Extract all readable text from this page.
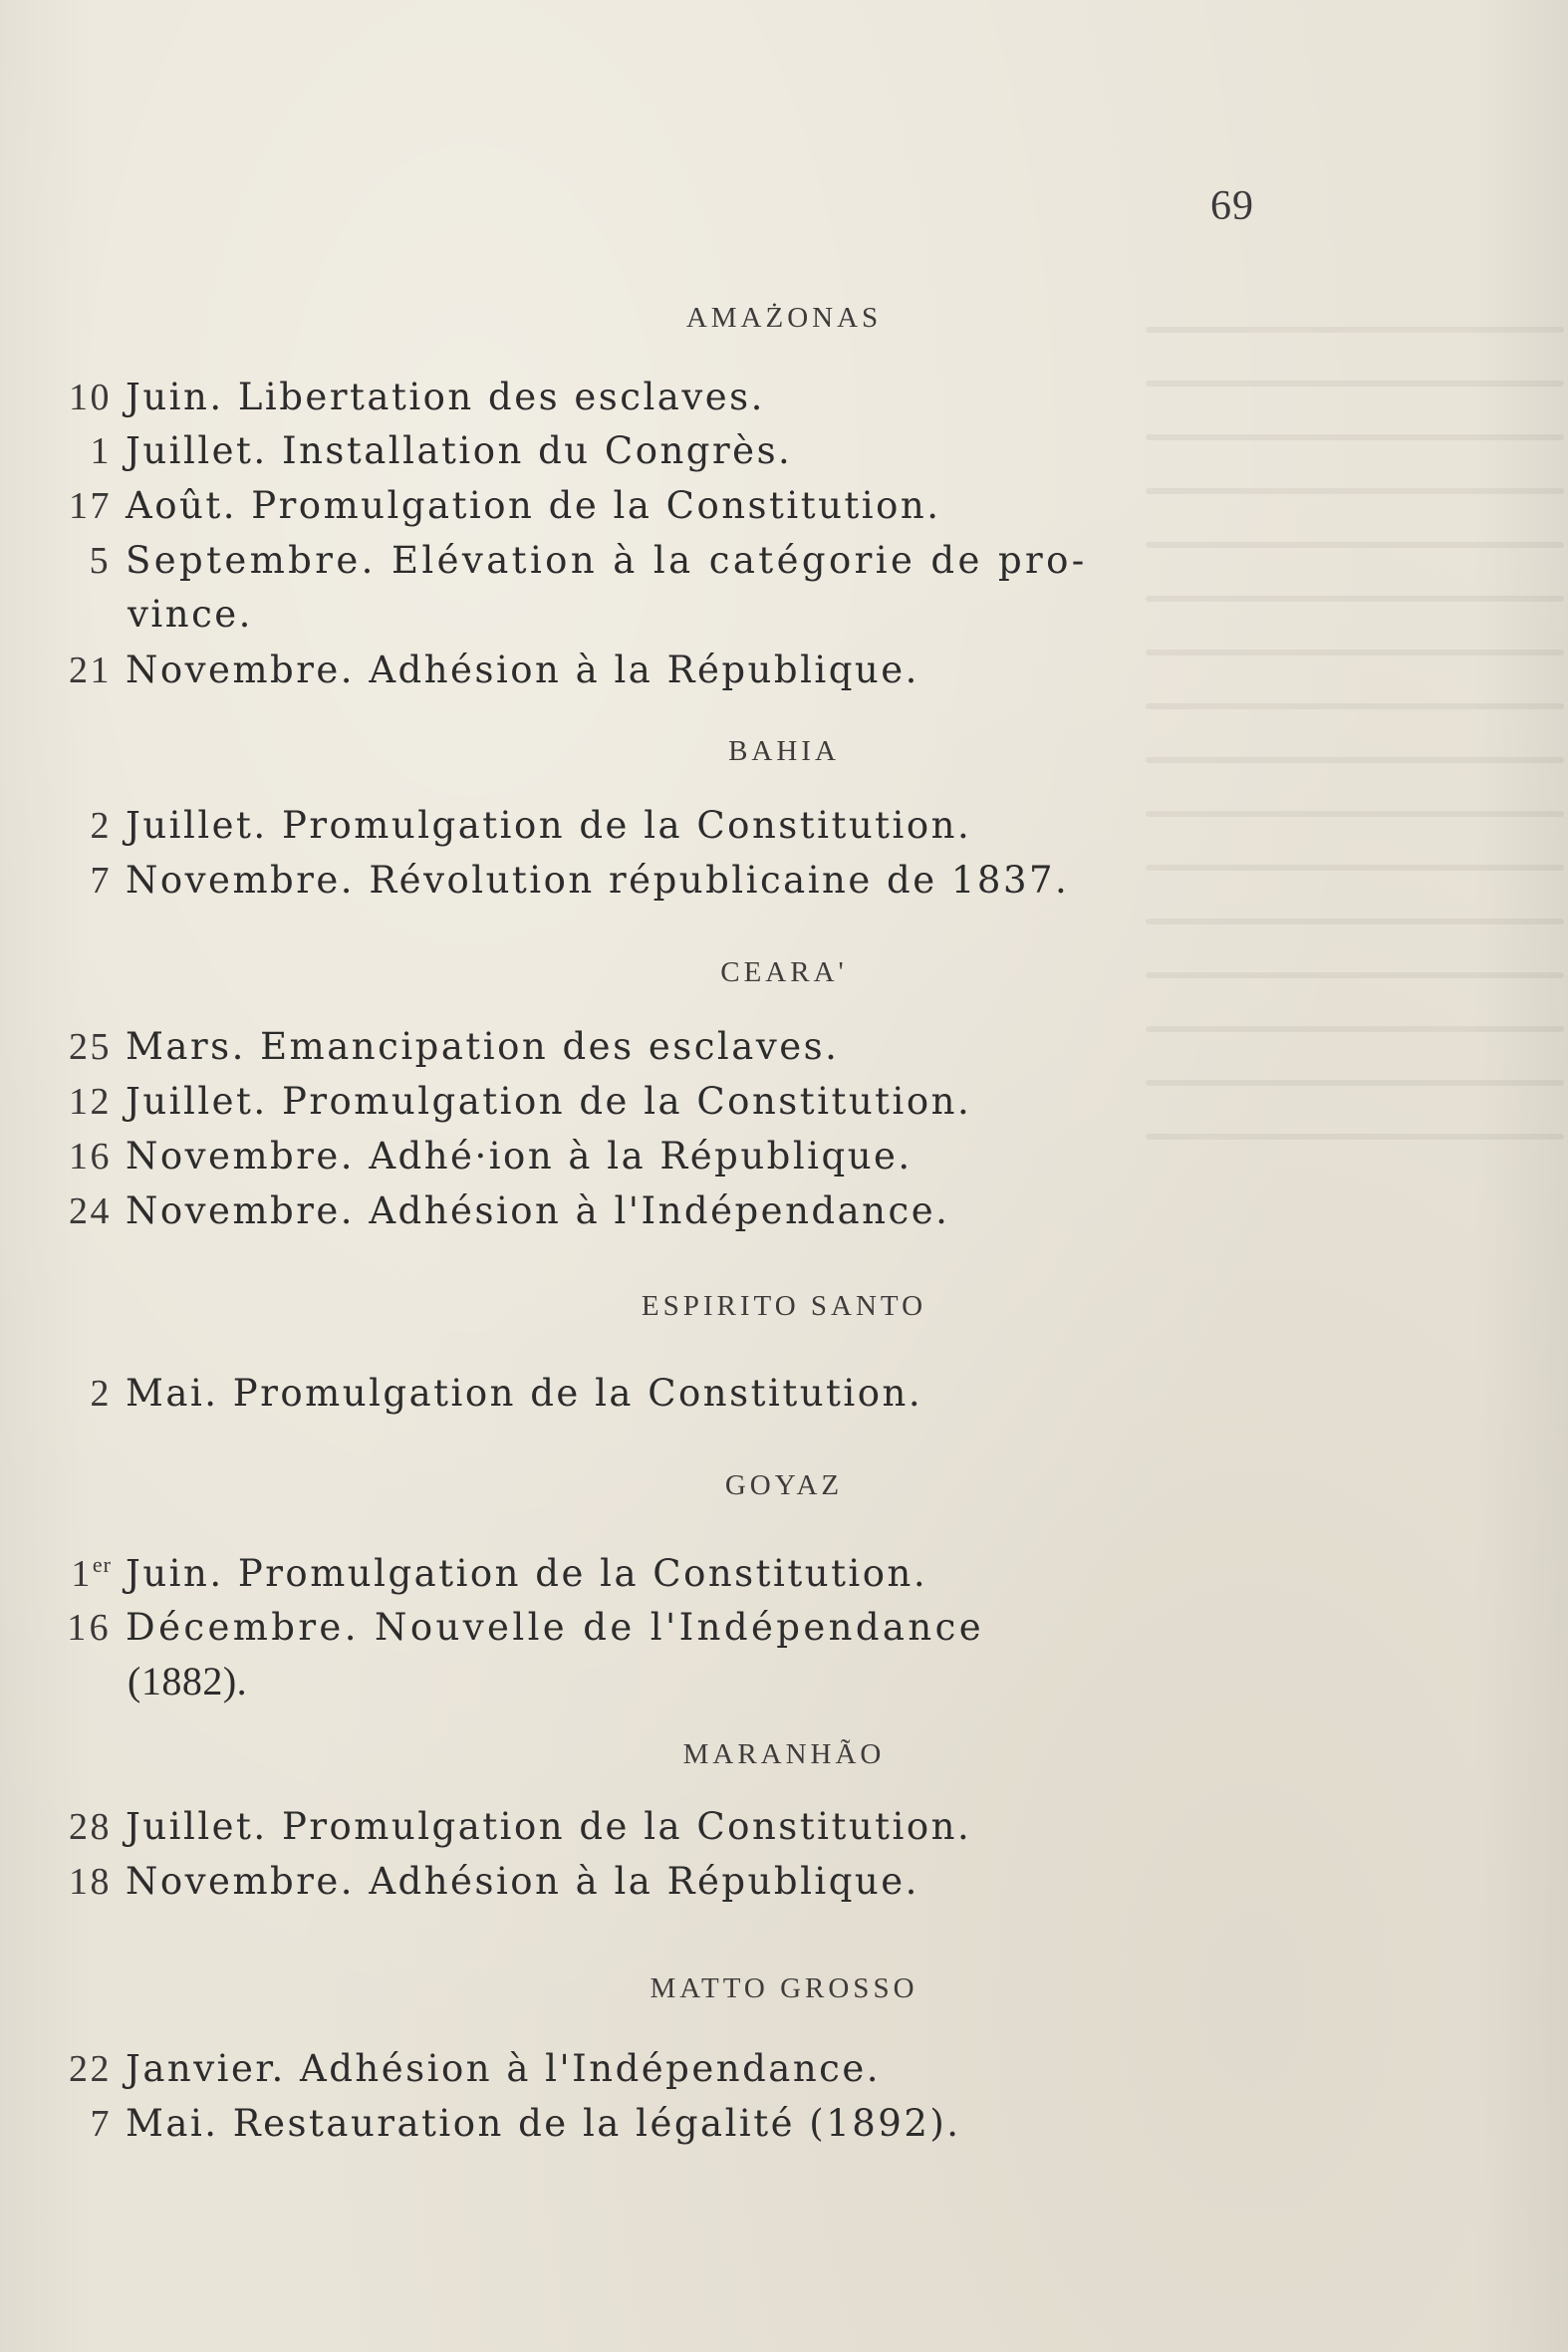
69
AMAŻONAS
10 Juin. Libertation des esclaves.
1 Juillet. Installation du Congrès.
17 Août. Promulgation de la Constitution.
5 Septembre. Elévation à la catégorie de pro-
vince.
21 Novembre. Adhésion à la République.
BAHIA
2 Juillet. Promulgation de la Constitution.
7 Novembre. Révolution républicaine de 1837.
CEARA'
25 Mars. Emancipation des esclaves.
12 Juillet. Promulgation de la Constitution.
16 Novembre. Adhé·ion à la République.
24 Novembre. Adhésion à l'Indépendance.
ESPIRITO SANTO
2 Mai. Promulgation de la Constitution.
GOYAZ
1er Juin. Promulgation de la Constitution.
16 Décembre. Nouvelle de l'Indépendance
(1882).
MARANHÃO
28 Juillet. Promulgation de la Constitution.
18 Novembre. Adhésion à la République.
MATTO GROSSO
22 Janvier. Adhésion à l'Indépendance.
7 Mai. Restauration de la légalité (1892).
